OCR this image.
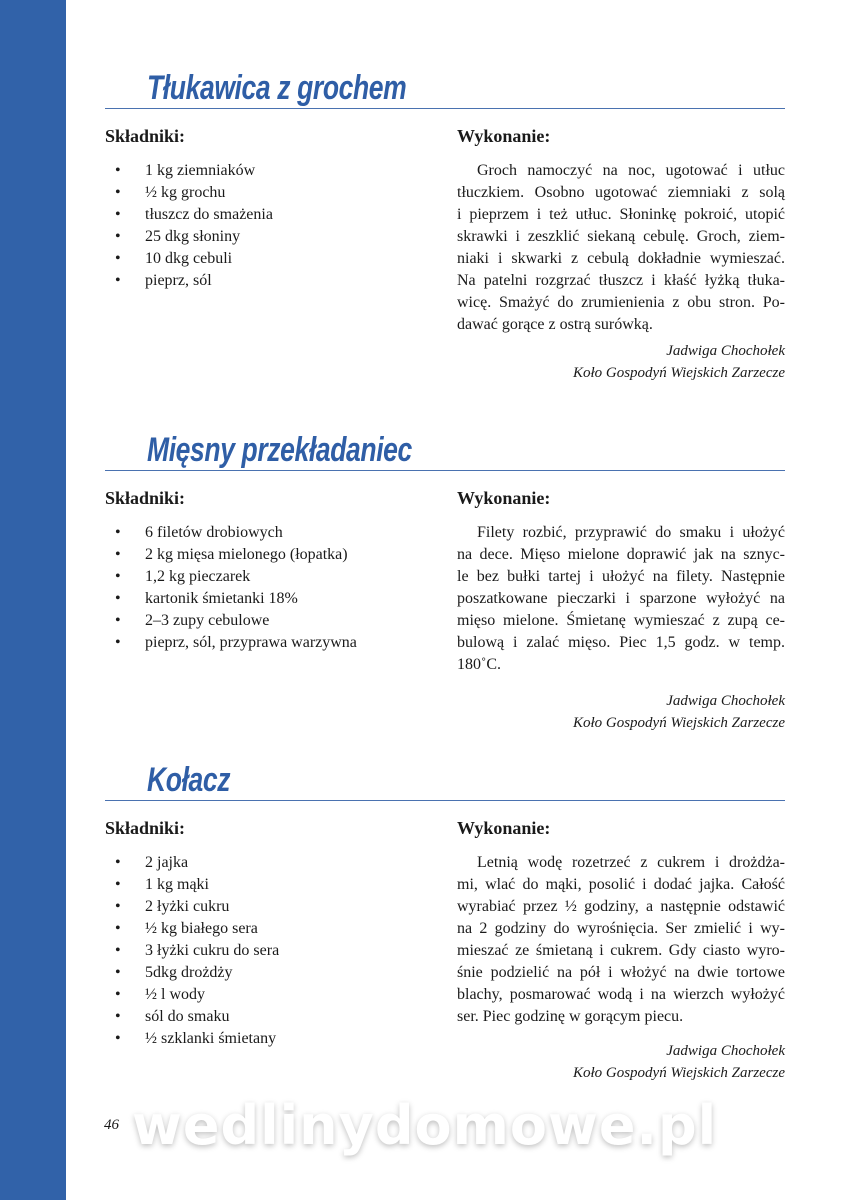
Tłukawica z grochem
Składniki:	Wykonanie:
• 1 kg ziemniaków
• ½ kg grochu
• tłuszcz do smażenia
• 25 dkg słoniny
• 10 dkg cebuli
• pieprz, sól
Groch namoczyć na noc, ugotować i utłuc
tłuczkiem. Osobno ugotować ziemniaki z solą
i pieprzem i też utłuc. Słoninkę pokroić, utopić
skrawki i zeszklić siekaną cebulę. Groch, ziem-
niaki i skwarki z cebulą dokładnie wymieszać.
Na patelni rozgrzać tłuszcz i kłaść łyżką tłuka-
wicę. Smażyć do zrumienienia z obu stron. Po-
dawać gorące z ostrą surówką.
Jadwiga Chochołek
Koło Gospodyń Wiejskich Zarzecze
Mięsny przekładaniec
Składniki:	Wykonanie:
• 6 filetów drobiowych
• 2 kg mięsa mielonego (łopatka)
• 1,2 kg pieczarek
• kartonik śmietanki 18%
• 2–3 zupy cebulowe
• pieprz, sól, przyprawa warzywna
Filety rozbić, przyprawić do smaku i ułożyć
na dece. Mięso mielone doprawić jak na sznyc-
le bez bułki tartej i ułożyć na filety. Następnie
poszatkowane pieczarki i sparzone wyłożyć na
mięso mielone. Śmietanę wymieszać z zupą ce-
bulową i zalać mięso. Piec 1,5 godz. w temp.
180˚C.
Jadwiga Chochołek
Koło Gospodyń Wiejskich Zarzecze
Kołacz
Składniki:	Wykonanie:
• 2 jajka
• 1 kg mąki
• 2 łyżki cukru
• ½ kg białego sera
• 3 łyżki cukru do sera
• 5dkg drożdży
• ½ l wody
• sól do smaku
• ½ szklanki śmietany
Letnią wodę rozetrzeć z cukrem i drożdża-
mi, wlać do mąki, posolić i dodać jajka. Całość
wyrabiać przez ½ godziny, a następnie odstawić
na 2 godziny do wyrośnięcia. Ser zmielić i wy-
mieszać ze śmietaną i cukrem. Gdy ciasto wyro-
śnie podzielić na pół i włożyć na dwie tortowe
blachy, posmarować wodą i na wierzch wyłożyć
ser. Piec godzinę w gorącym piecu.
Jadwiga Chochołek
Koło Gospodyń Wiejskich Zarzecze
wedlinydomowe.pl
46
